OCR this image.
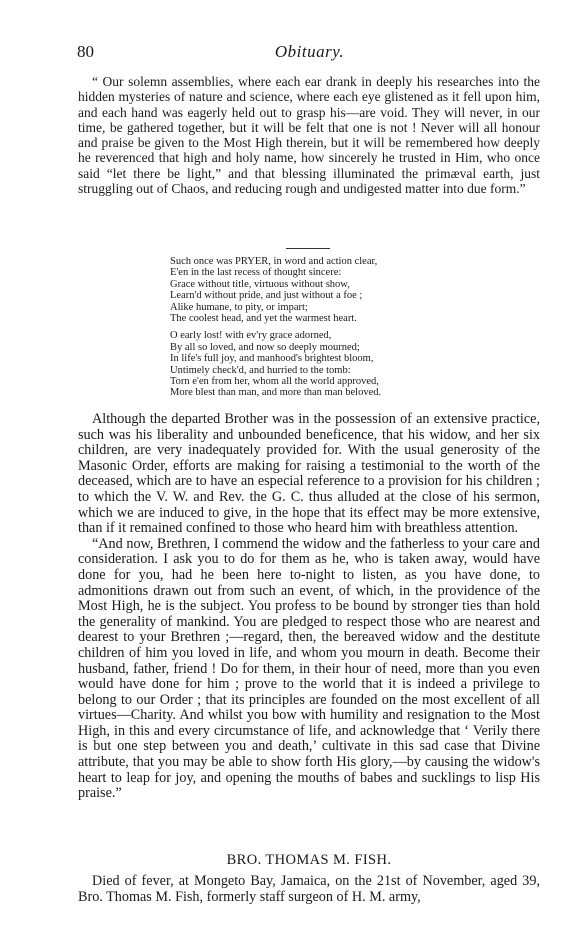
80	Obituary.

“ Our solemn assemblies, where each ear drank in deeply his researches into the hidden mysteries of nature and science, where each eye glistened as it fell upon him, and each hand was eagerly held out to grasp his—are void. They will never, in our time, be gathered together, but it will be felt that one is not ! Never will all honour and praise be given to the Most High therein, but it will be remembered how deeply he reverenced that high and holy name, how sincerely he trusted in Him, who once said “let there be light,” and that blessing illuminated the primæval earth, just struggling out of Chaos, and reducing rough and undigested matter into due form.”

Such once was PRYER, in word and action clear,
E'en in the last recess of thought sincere:
Grace without title, virtuous without show,
Learn'd without pride, and just without a foe ;
Alike humane, to pity, or impart;
The coolest head, and yet the warmest heart.
O early lost! with ev'ry grace adorned,
By all so loved, and now so deeply mourned;
In life's full joy, and manhood's brightest bloom,
Untimely check'd, and hurried to the tomb:
Torn e'en from her, whom all the world approved,
More blest than man, and more than man beloved.

Although the departed Brother was in the possession of an extensive practice, such was his liberality and unbounded beneficence, that his widow, and her six children, are very inadequately provided for. With the usual generosity of the Masonic Order, efforts are making for raising a testimonial to the worth of the deceased, which are to have an especial reference to a provision for his children ; to which the V. W. and Rev. the G. C. thus alluded at the close of his sermon, which we are induced to give, in the hope that its effect may be more extensive, than if it remained confined to those who heard him with breathless attention.

“And now, Brethren, I commend the widow and the fatherless to your care and consideration. I ask you to do for them as he, who is taken away, would have done for you, had he been here to-night to listen, as you have done, to admonitions drawn out from such an event, of which, in the providence of the Most High, he is the subject. You profess to be bound by stronger ties than hold the generality of mankind. You are pledged to respect those who are nearest and dearest to your Brethren ;—regard, then, the bereaved widow and the destitute children of him you loved in life, and whom you mourn in death. Become their husband, father, friend ! Do for them, in their hour of need, more than you even would have done for him ; prove to the world that it is indeed a privilege to belong to our Order ; that its principles are founded on the most excellent of all virtues—Charity. And whilst you bow with humility and resignation to the Most High, in this and every circumstance of life, and acknowledge that ‘ Verily there is but one step between you and death,’ cultivate in this sad case that Divine attribute, that you may be able to show forth His glory,—by causing the widow's heart to leap for joy, and opening the mouths of babes and sucklings to lisp His praise.”

BRO. THOMAS M. FISH.

Died of fever, at Mongeto Bay, Jamaica, on the 21st of November, aged 39, Bro. Thomas M. Fish, formerly staff surgeon of H. M. army,
